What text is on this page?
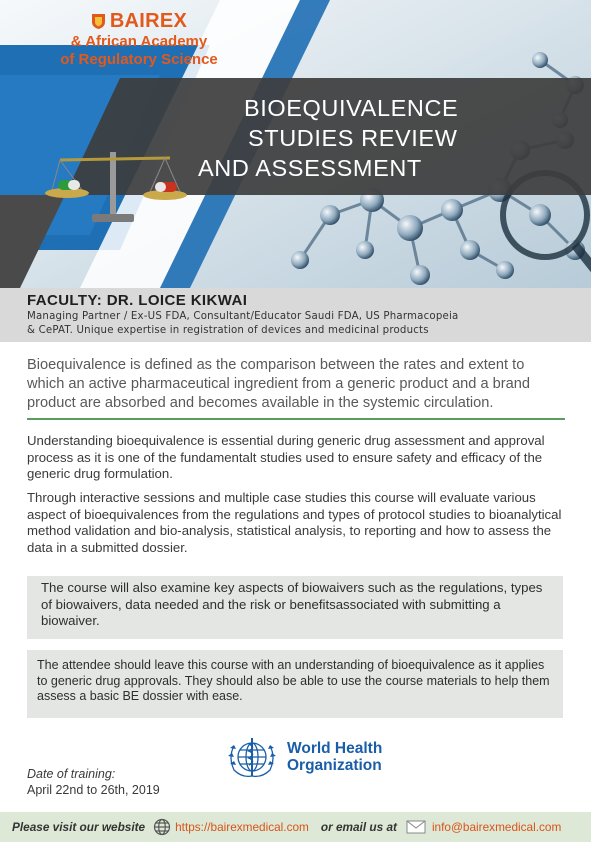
BAIREX
& African Academy
of Regulatory Science
BIOEQUIVALENCE
STUDIES REVIEW
AND ASSESSMENT
FACULTY: DR. LOICE KIKWAI
Managing Partner / Ex-US FDA, Consultant/Educator Saudi FDA, US Pharmacopeia
& CePAT. Unique expertise in registration of devices and medicinal products

Bioequivalence is defined as the comparison between the rates and extent to which an active pharmaceutical ingredient from a generic product and a brand product are absorbed and becomes available in the systemic circulation.

Understanding bioequivalence is essential during generic drug assessment and approval process as it is one of the fundamentalt studies used to ensure safety and efficacy of the generic drug formulation.

Through interactive sessions and multiple case studies this course will evaluate various aspect of bioequivalences from the regulations and types of protocol studies to bioanalytical method validation and bio-analysis, statistical analysis, to reporting and how to assess the data in a submitted dossier.

The course will also examine key aspects of biowaivers such as the regulations, types of biowaivers, data needed and the risk or benefitsassociated with submitting a biowaiver.

The attendee should leave this course with an understanding of bioequivalence as it applies to generic drug approvals. They should also be able to use the course materials to help them assess a basic BE dossier with ease.

World Health
Organization
Date of training:
April 22nd to 26th, 2019
Please visit our website	https://bairexmedical.com or email us at	info@bairexmedical.com
